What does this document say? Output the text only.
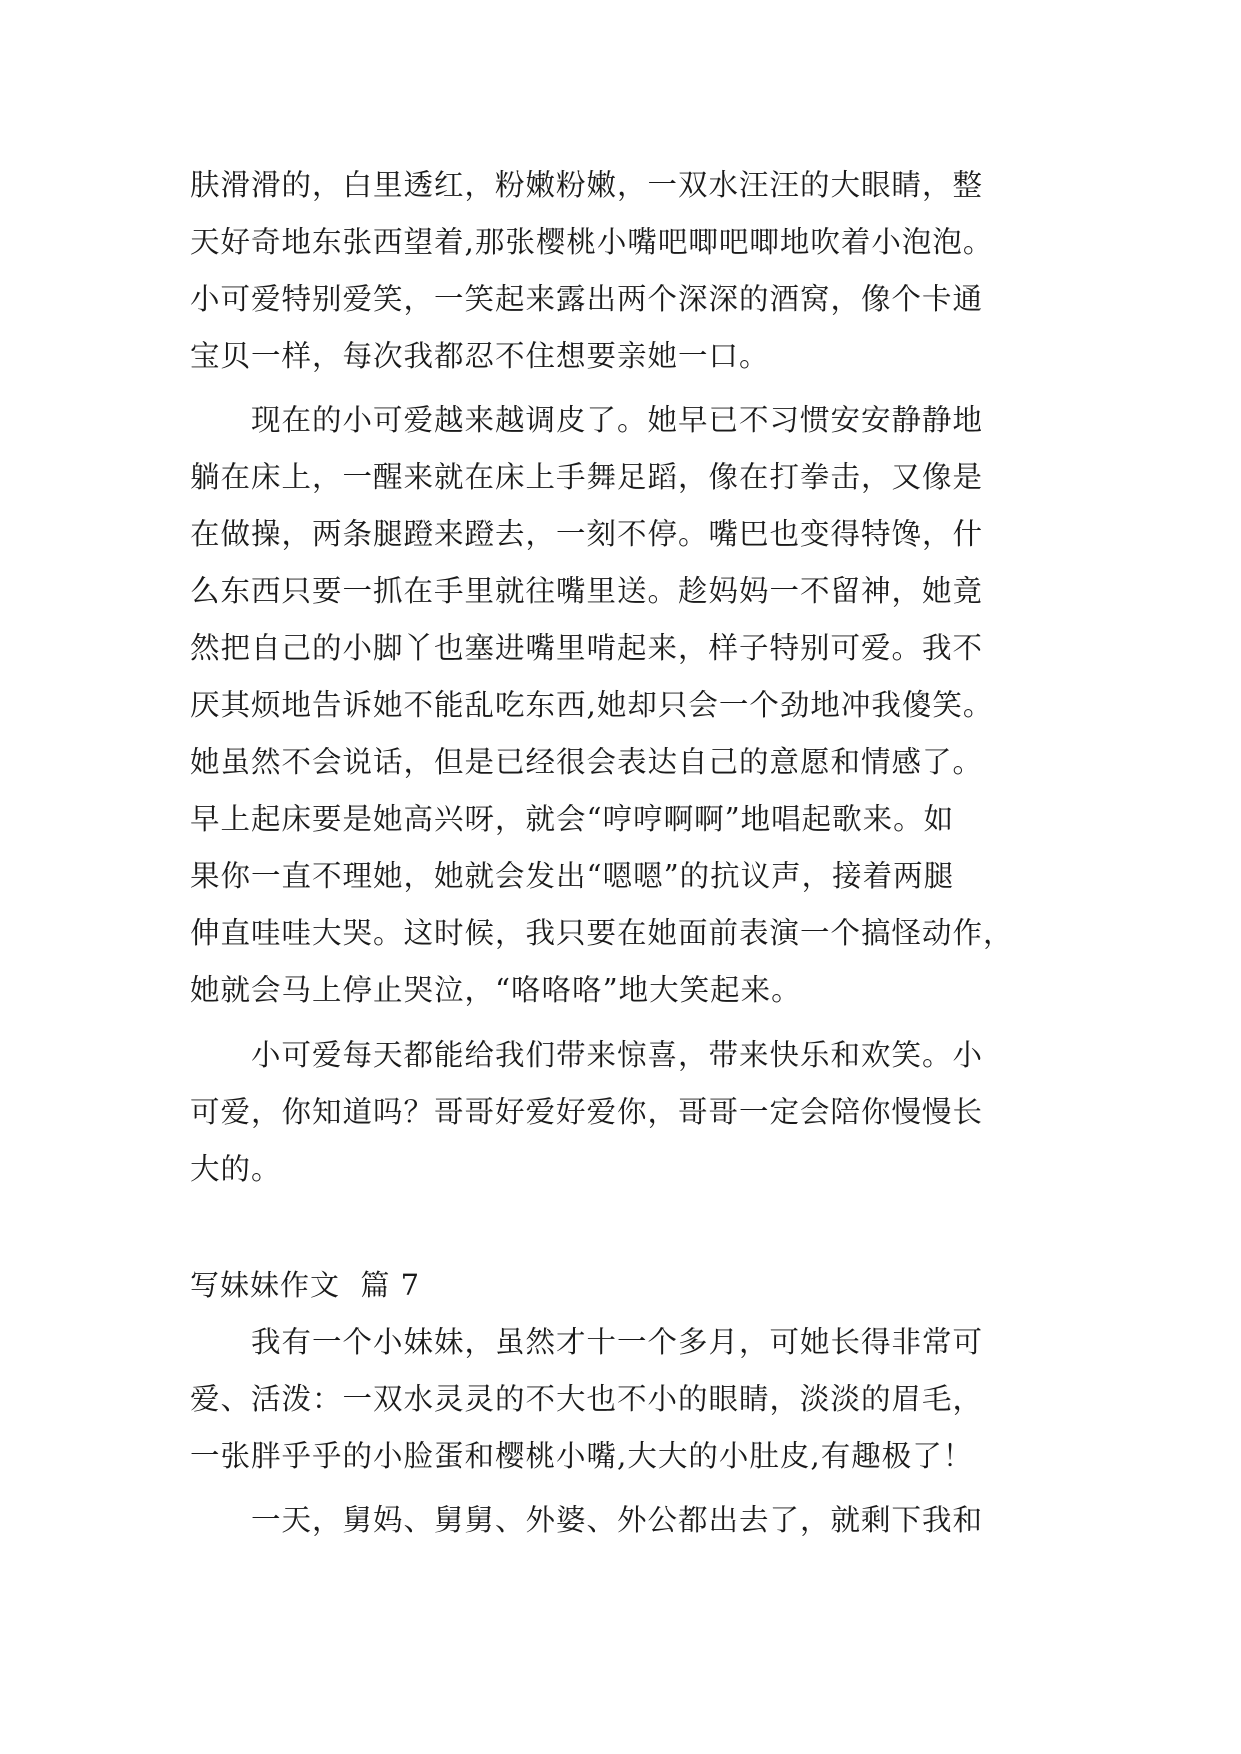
肤滑滑的，白里透红，粉嫩粉嫩，一双水汪汪的大眼睛，整
天好奇地东张西望着,那张樱桃小嘴吧唧吧唧地吹着小泡泡。
小可爱特别爱笑，一笑起来露出两个深深的酒窝，像个卡通
宝贝一样，每次我都忍不住想要亲她一口。
　　现在的小可爱越来越调皮了。她早已不习惯安安静静地
躺在床上，一醒来就在床上手舞足蹈，像在打拳击，又像是
在做操，两条腿蹬来蹬去，一刻不停。嘴巴也变得特馋，什
么东西只要一抓在手里就往嘴里送。趁妈妈一不留神，她竟
然把自己的小脚丫也塞进嘴里啃起来，样子特别可爱。我不
厌其烦地告诉她不能乱吃东西,她却只会一个劲地冲我傻笑。
她虽然不会说话，但是已经很会表达自己的意愿和情感了。
早上起床要是她高兴呀，就会“哼哼啊啊”地唱起歌来。如
果你一直不理她，她就会发出“嗯嗯”的抗议声，接着两腿
伸直哇哇大哭。这时候，我只要在她面前表演一个搞怪动作，
她就会马上停止哭泣，“咯咯咯”地大笑起来。
　　小可爱每天都能给我们带来惊喜，带来快乐和欢笑。小
可爱，你知道吗？哥哥好爱好爱你，哥哥一定会陪你慢慢长
大的。
写妹妹作文  篇 7
　　我有一个小妹妹，虽然才十一个多月，可她长得非常可
爱、活泼：一双水灵灵的不大也不小的眼睛，淡淡的眉毛，
一张胖乎乎的小脸蛋和樱桃小嘴,大大的小肚皮,有趣极了！
　　一天，舅妈、舅舅、外婆、外公都出去了，就剩下我和
